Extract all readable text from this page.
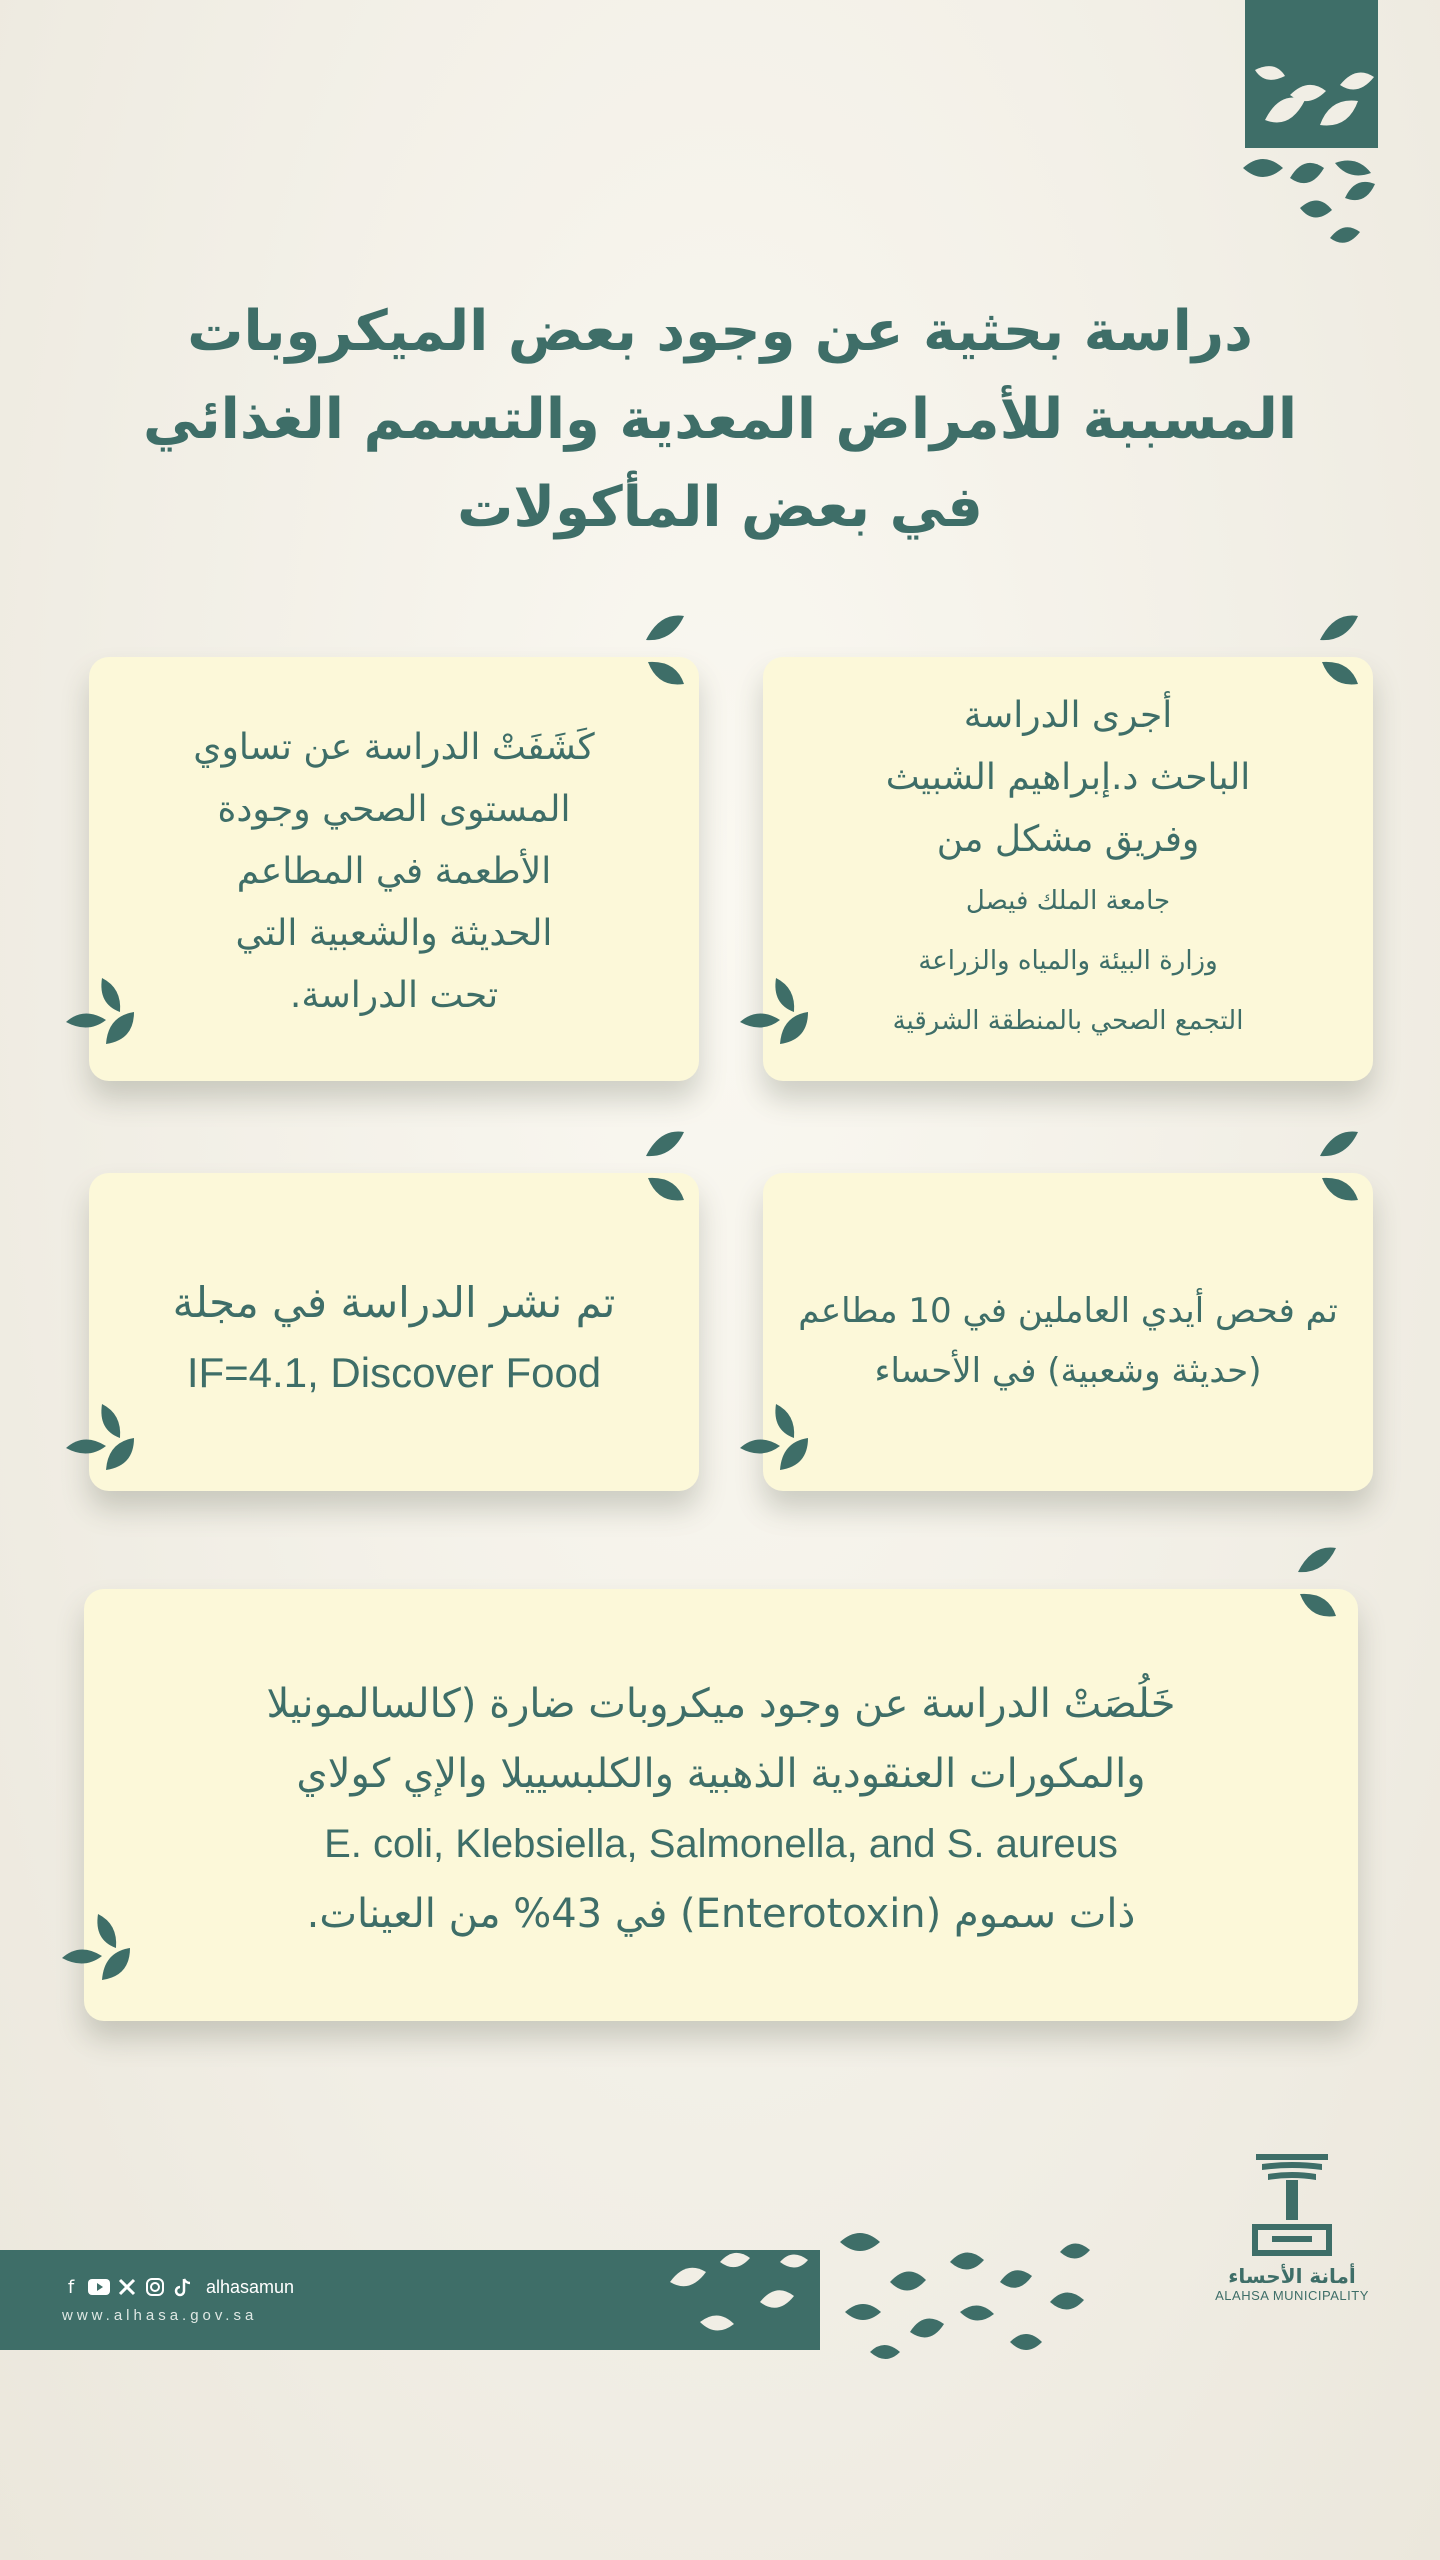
دراسة بحثية عن وجود بعض الميكروبات
المسببة للأمراض المعدية والتسمم الغذائي
في بعض المأكولات
أجرى الدراسة
الباحث د.إبراهيم الشبيث
وفريق مشكل من
جامعة الملك فيصل
وزارة البيئة والمياه والزراعة
التجمع الصحي بالمنطقة الشرقية
كَشَفَتْ الدراسة عن تساوي
المستوى الصحي وجودة
الأطعمة في المطاعم
الحديثة والشعبية التي
تحت الدراسة.
تم فحص أيدي العاملين في 10 مطاعم
(حديثة وشعبية) في الأحساء
تم نشر الدراسة في مجلة
IF=4.1, Discover Food
خَلُصَتْ الدراسة عن وجود ميكروبات ضارة (كالسالمونيلا
والمكورات العنقودية الذهبية والكلبسييلا والإي كولاي
E. coli, Klebsiella, Salmonella, and S. aureus
ذات سموم (Enterotoxin) في 43% من العينات.
f	alhasamun
www.alhasa.gov.sa
أمانة الأحساء
ALAHSA MUNICIPALITY
